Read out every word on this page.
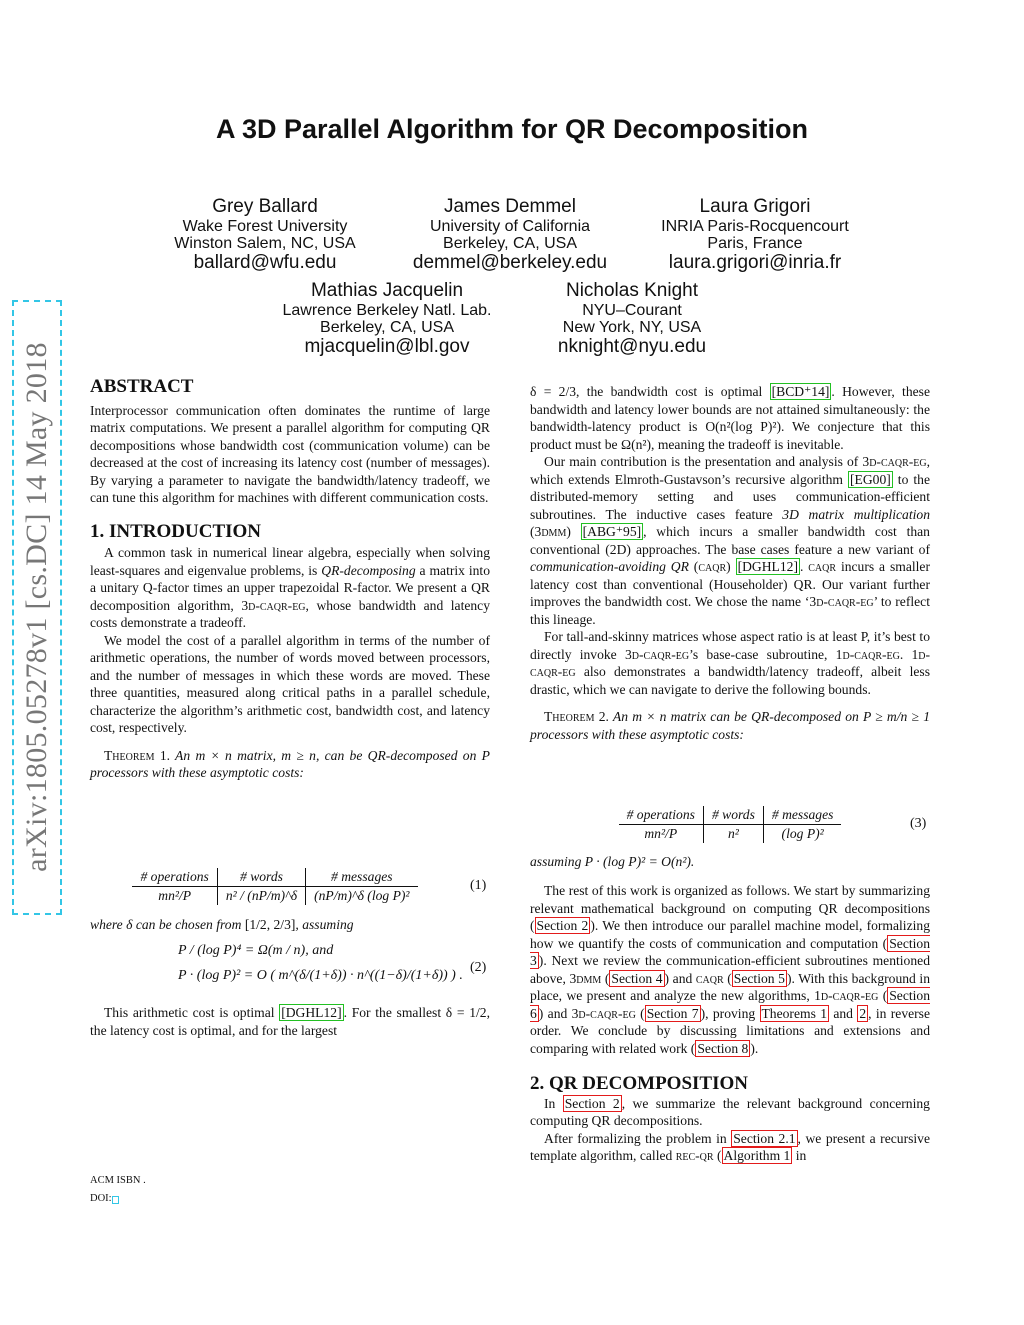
arXiv:1805.05278v1 [cs.DC] 14 May 2018
A 3D Parallel Algorithm for QR Decomposition
Grey Ballard
Wake Forest University
Winston Salem, NC, USA
ballard@wfu.edu
James Demmel
University of California
Berkeley, CA, USA
demmel@berkeley.edu
Laura Grigori
INRIA Paris-Rocquencourt
Paris, France
laura.grigori@inria.fr
Mathias Jacquelin
Lawrence Berkeley Natl. Lab.
Berkeley, CA, USA
mjacquelin@lbl.gov
Nicholas Knight
NYU–Courant
New York, NY, USA
nknight@nyu.edu

ABSTRACT

Interprocessor communication often dominates the runtime of large matrix computations. We present a parallel algorithm for computing QR decompositions whose bandwidth cost (communication volume) can be decreased at the cost of increasing its latency cost (number of messages). By varying a parameter to navigate the bandwidth/latency tradeoff, we can tune this algorithm for machines with different communication costs.

1. INTRODUCTION

A common task in numerical linear algebra, especially when solving least-squares and eigenvalue problems, is QR-decomposing a matrix into a unitary Q-factor times an upper trapezoidal R-factor. We present a QR decomposition algorithm, 3d-caqr-eg, whose bandwidth and latency costs demonstrate a tradeoff.

We model the cost of a parallel algorithm in terms of the number of arithmetic operations, the number of words moved between processors, and the number of messages in which these words are moved. These three quantities, measured along critical paths in a parallel schedule, characterize the algorithm’s arithmetic cost, bandwidth cost, and latency cost, respectively.

Theorem 1. An m × n matrix, m ≥ n, can be QR-decomposed on P processors with these asymptotic costs:

# operations	# words	# messages
mn²/P	n² / (nP/m)^δ	(nP/m)^δ (log P)²
(1)
where δ can be chosen from [1/2, 2/3], assuming
P / (log P)⁴ = Ω(m / n), and
P · (log P)² = O ( m^(δ/(1+δ)) · n^((1−δ)/(1+δ)) ) .
(2)

This arithmetic cost is optimal [DGHL12] . For the smallest δ = 1/2, the latency cost is optimal, and for the largest

ACM ISBN .
DOI:

δ = 2/3, the bandwidth cost is optimal [BCD⁺14] . However, these bandwidth and latency lower bounds are not attained simultaneously: the bandwidth-latency product is O(n²(log P)²). We conjecture that this product must be Ω(n²), meaning the tradeoff is inevitable.

Our main contribution is the presentation and analysis of 3d-caqr-eg, which extends Elmroth-Gustavson’s recursive algorithm [EG00] to the distributed-memory setting and uses communication-efficient subroutines. The inductive cases feature 3D matrix multiplication (3dmm) [ABG⁺95] , which incurs a smaller bandwidth cost than conventional (2D) approaches. The base cases feature a new variant of communication-avoiding QR (caqr) [DGHL12] . caqr incurs a smaller latency cost than conventional (Householder) QR. Our variant further improves the bandwidth cost. We chose the name ‘3d-caqr-eg’ to reflect this lineage.

For tall-and-skinny matrices whose aspect ratio is at least P, it’s best to directly invoke 3d-caqr-eg’s base-case subroutine, 1d-caqr-eg. 1d-caqr-eg also demonstrates a bandwidth/latency tradeoff, albeit less drastic, which we can navigate to derive the following bounds.

Theorem 2. An m × n matrix can be QR-decomposed on P ≥ m/n ≥ 1 processors with these asymptotic costs:

# operations	# words	# messages
mn²/P	n²	(log P)²
(3)
assuming P · (log P)² = O(n²).

The rest of this work is organized as follows. We start by summarizing relevant mathematical background on computing QR decompositions ( Section 2 ). We then introduce our parallel machine model, formalizing how we quantify the costs of communication and computation ( Section 3 ). Next we review the communication-efficient subroutines mentioned above, 3dmm ( Section 4 ) and caqr ( Section 5 ). With this background in place, we present and analyze the new algorithms, 1d-caqr-eg ( Section 6 ) and 3d-caqr-eg ( Section 7 ), proving Theorems 1 and 2 , in reverse order. We conclude by discussing limitations and extensions and comparing with related work ( Section 8 ).

2. QR DECOMPOSITION

In Section 2 , we summarize the relevant background concerning computing QR decompositions.

After formalizing the problem in Section 2.1 , we present a recursive template algorithm, called rec-qr ( Algorithm 1 in
